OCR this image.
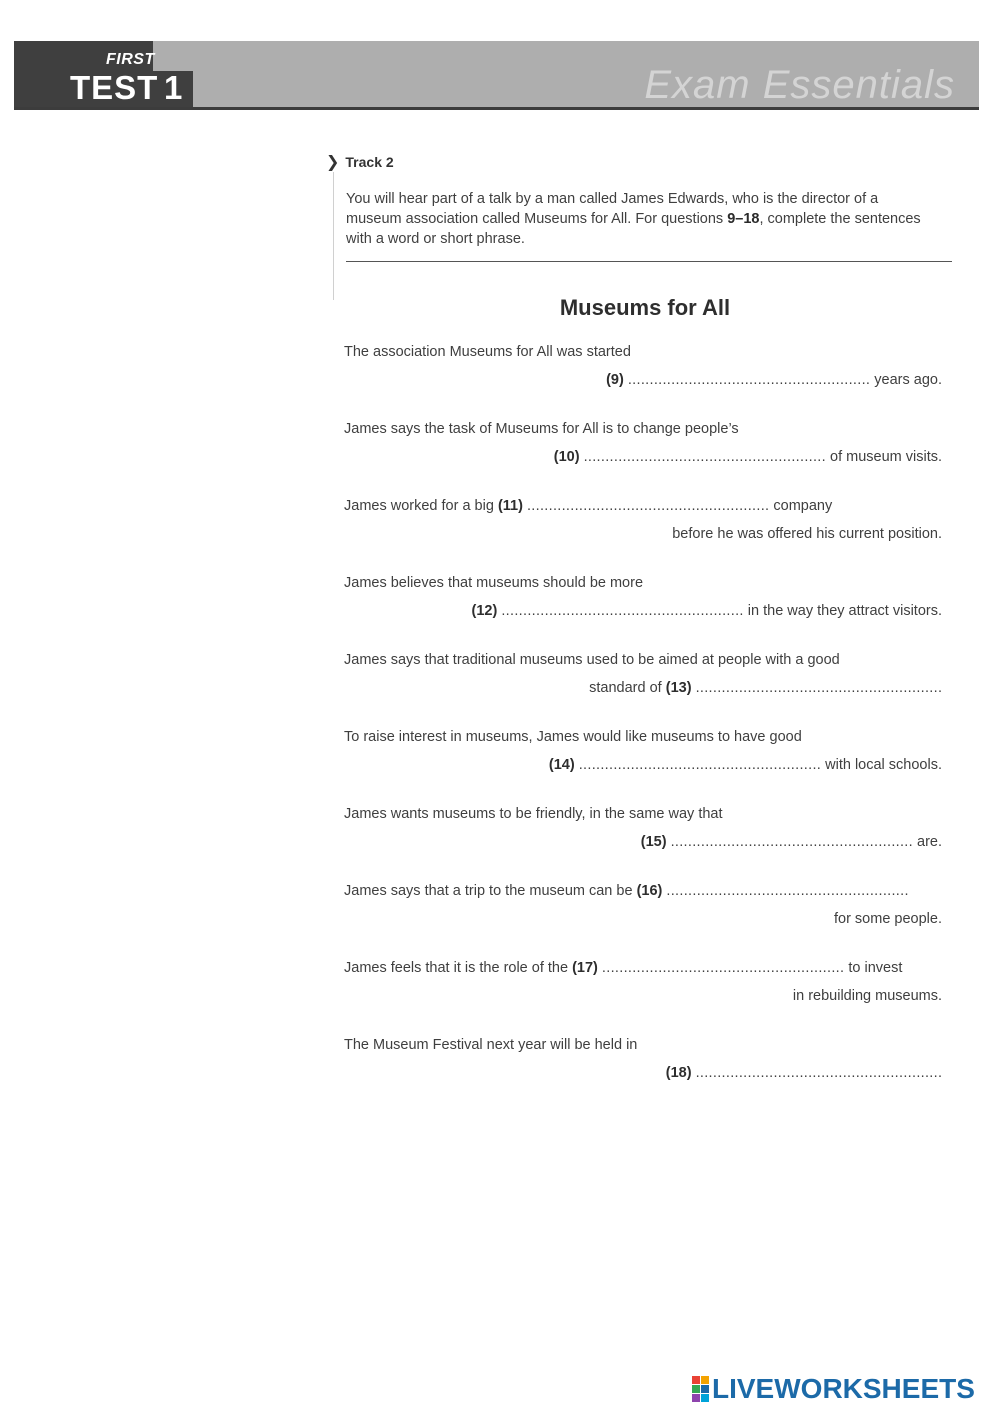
FIRST
TEST 1	Exam Essentials
❯ Track 2
You will hear part of a talk by a man called James Edwards, who is the director of a museum association called Museums for All. For questions 9–18, complete the sentences with a word or short phrase.
Museums for All
The association Museums for All was started
(9) ........................................................ years ago.
James says the task of Museums for All is to change people’s
(10) ........................................................ of museum visits.
James worked for a big (11) ........................................................ company
before he was offered his current position.
James believes that museums should be more
(12) ........................................................ in the way they attract visitors.
James says that traditional museums used to be aimed at people with a good
standard of (13) .........................................................
To raise interest in museums, James would like museums to have good
(14) ........................................................ with local schools.
James wants museums to be friendly, in the same way that
(15) ........................................................ are.
James says that a trip to the museum can be (16) ........................................................
for some people.
James feels that it is the role of the (17) ........................................................ to invest
in rebuilding museums.
The Museum Festival next year will be held in
(18) .........................................................
LIVEWORKSHEETS
